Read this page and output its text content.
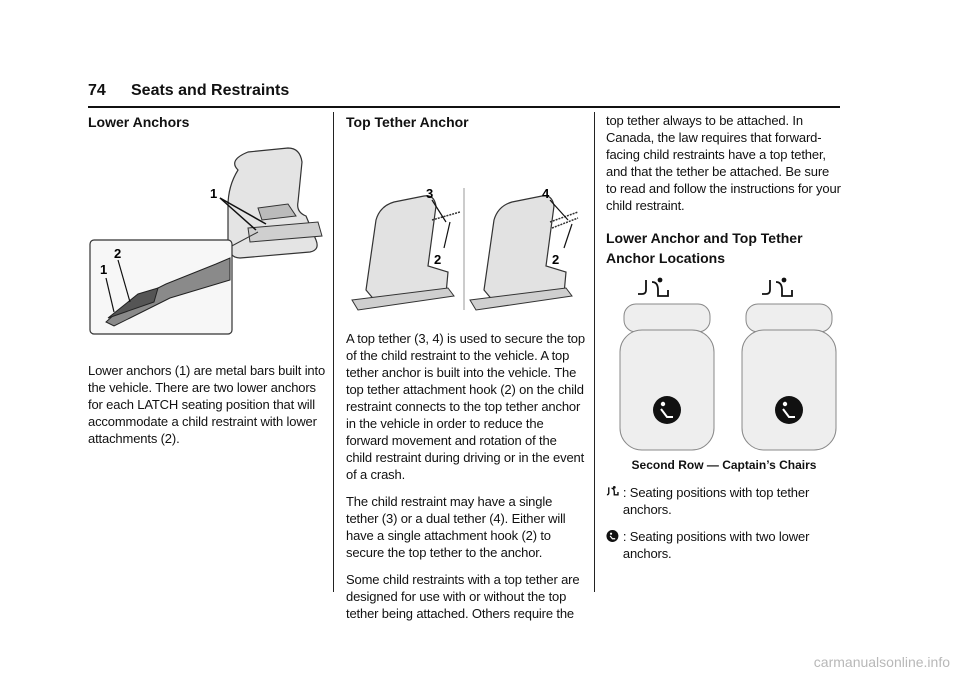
74 Seats and Restraints
Lower Anchors
1
1
2

Lower anchors (1) are metal bars built into the vehicle. There are two lower anchors for each LATCH seating position that will accommodate a child restraint with lower attachments (2).

Top Tether Anchor
3
2
4
2

A top tether (3, 4) is used to secure the top of the child restraint to the vehicle. A top tether anchor is built into the vehicle. The top tether attachment hook (2) on the child restraint connects to the top tether anchor in the vehicle in order to reduce the forward movement and rotation of the child restraint during driving or in the event of a crash.

The child restraint may have a single tether (3) or a dual tether (4). Either will have a single attachment hook (2) to secure the top tether to the anchor.

Some child restraints with a top tether are designed for use with or without the top tether being attached. Others require the

top tether always to be attached. In Canada, the law requires that forward-facing child restraints have a top tether, and that the tether be attached. Be sure to read and follow the instructions for your child restraint.

Lower Anchor and Top Tether Anchor Locations
Second Row — Captain’s Chairs

: Seating positions with top tether anchors.

: Seating positions with two lower anchors.

carmanualsonline.info
